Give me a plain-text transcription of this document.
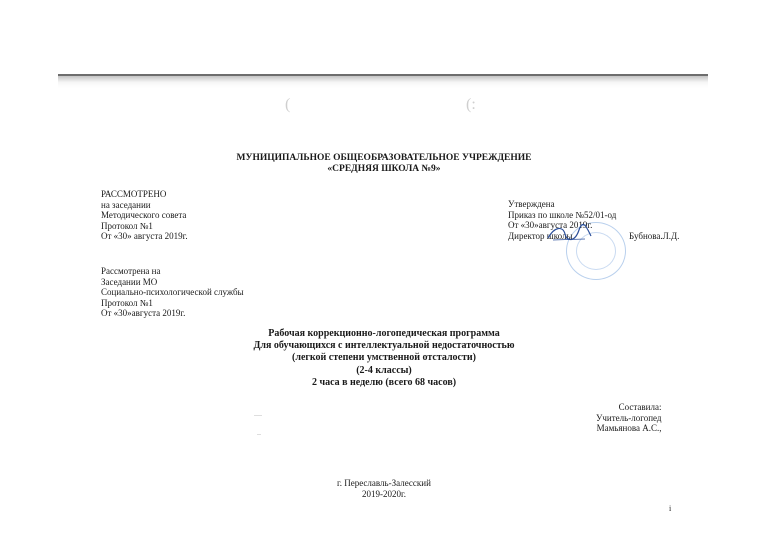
(	(:
МУНИЦИПАЛЬНОЕ ОБЩЕОБРАЗОВАТЕЛЬНОЕ УЧРЕЖДЕНИЕ
«СРЕДНЯЯ ШКОЛА №9»
РАССМОТРЕНО
на заседании
Методического совета
Протокол №1
От «30» августа 2019г.
Утверждена
Приказ по школе №52/01-од
От «30»августа 2019г.
Директор школы	Бубнова.Л.Д.
Рассмотрена на
Заседании МО
Социально-психологической службы
Протокол №1
От «30»августа 2019г.
Рабочая коррекционно-логопедическая программа
Для обучающихся с интеллектуальной недостаточностью
(легкой степени умственной отсталости)
(2-4 классы)
2 часа в неделю (всего 68 часов)
‥‥
‥
Составила:
Учитель-логопед
Мамьянова А.С.,
г. Переславль-Залесский
2019-2020г.
i
